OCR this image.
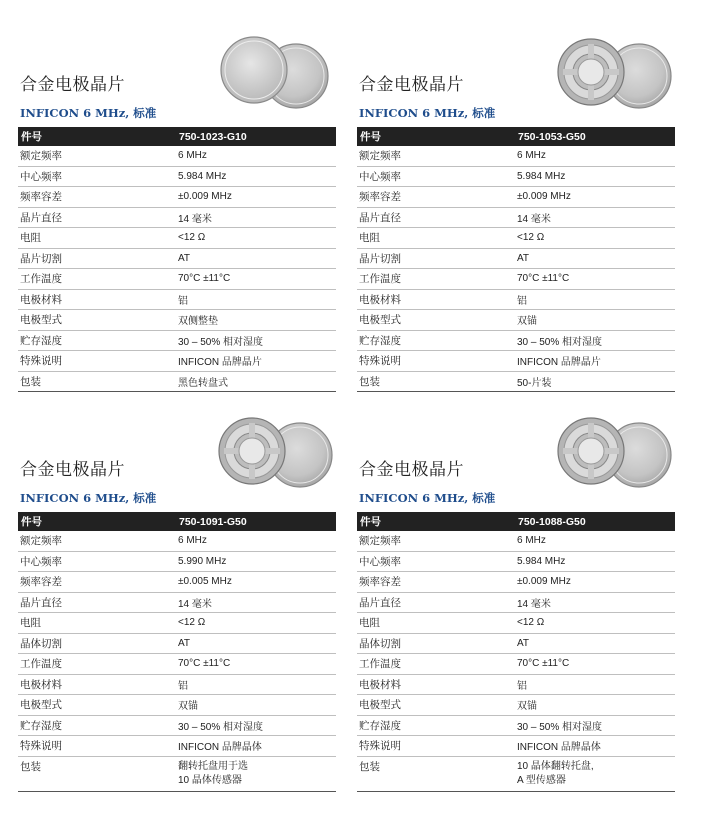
合金电极晶片
INFICON 6 MHz, 标准
件号	750-1023-G10
额定频率	6 MHz
中心频率	5.984 MHz
频率容差	±0.009 MHz
晶片直径	14 毫米
电阻	<12 Ω
晶片切割	AT
工作温度	70°C ±11°C
电极材料	铝
电极型式	双侧整垫
贮存湿度	30 – 50% 相对湿度
特殊说明	INFICON 品牌晶片
包装	黑色转盘式
合金电极晶片
INFICON 6 MHz, 标准
件号	750-1053-G50
额定频率	6 MHz
中心频率	5.984 MHz
频率容差	±0.009 MHz
晶片直径	14 毫米
电阻	<12 Ω
晶片切割	AT
工作温度	70°C ±11°C
电极材料	铝
电极型式	双锚
贮存湿度	30 – 50% 相对湿度
特殊说明	INFICON 品牌晶片
包装	50-片装
合金电极晶片
INFICON 6 MHz, 标准
件号	750-1091-G50
额定频率	6 MHz
中心频率	5.990 MHz
频率容差	±0.005 MHz
晶片直径	14 毫米
电阻	<12 Ω
晶体切割	AT
工作温度	70°C ±11°C
电极材料	铝
电极型式	双锚
贮存湿度	30 – 50% 相对湿度
特殊说明	INFICON 品牌晶体
包装	翻转托盘用于选
10 晶体传感器
合金电极晶片
INFICON 6 MHz, 标准
件号	750-1088-G50
额定频率	6 MHz
中心频率	5.984 MHz
频率容差	±0.009 MHz
晶片直径	14 毫米
电阻	<12 Ω
晶体切割	AT
工作温度	70°C ±11°C
电极材料	铝
电极型式	双锚
贮存湿度	30 – 50% 相对湿度
特殊说明	INFICON 品牌晶体
包装	10 晶体翻转托盘,
A 型传感器
